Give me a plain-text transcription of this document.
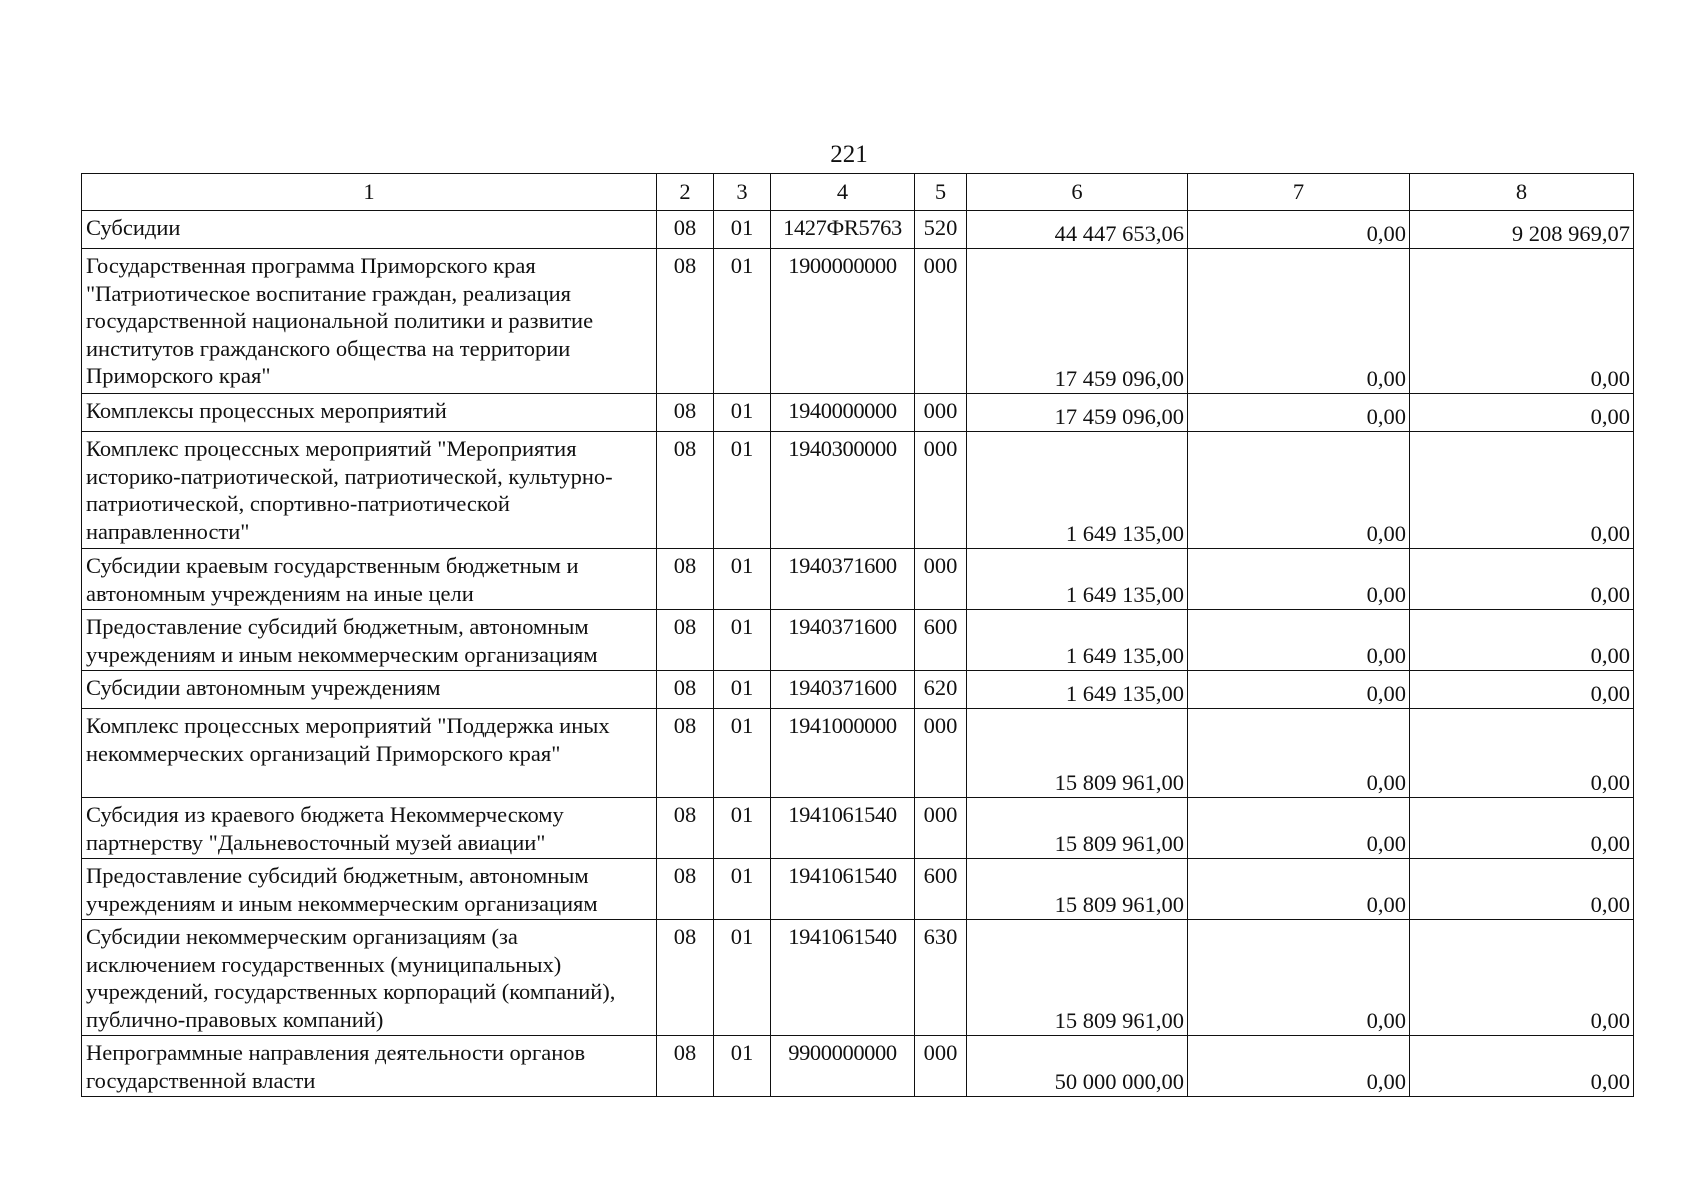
221
1	2	3	4	5	6	7	8
Субсидии	08	01	1427ФR5763	520	44 447 653,06	0,00	9 208 969,07
Государственная программа Приморского края "Патриотическое воспитание граждан, реализация государственной национальной политики и развитие институтов гражданского общества на территории Приморского края"	08	01	1900000000	000	17 459 096,00	0,00	0,00
Комплексы процессных мероприятий	08	01	1940000000	000	17 459 096,00	0,00	0,00
Комплекс процессных мероприятий "Мероприятия историко-патриотической, патриотической, культурно-патриотической, спортивно-патриотической направленности"	08	01	1940300000	000	1 649 135,00	0,00	0,00
Субсидии краевым государственным бюджетным и автономным учреждениям на иные цели	08	01	1940371600	000	1 649 135,00	0,00	0,00
Предоставление субсидий бюджетным, автономным учреждениям и иным некоммерческим организациям	08	01	1940371600	600	1 649 135,00	0,00	0,00
Субсидии автономным учреждениям	08	01	1940371600	620	1 649 135,00	0,00	0,00
Комплекс процессных мероприятий "Поддержка иных некоммерческих организаций Приморского края"	08	01	1941000000	000	15 809 961,00	0,00	0,00
Субсидия из краевого бюджета Некоммерческому партнерству "Дальневосточный музей авиации"	08	01	1941061540	000	15 809 961,00	0,00	0,00
Предоставление субсидий бюджетным, автономным учреждениям и иным некоммерческим организациям	08	01	1941061540	600	15 809 961,00	0,00	0,00
Субсидии некоммерческим организациям (за исключением государственных (муниципальных) учреждений, государственных корпораций (компаний), публично-правовых компаний)	08	01	1941061540	630	15 809 961,00	0,00	0,00
Непрограммные направления деятельности органов государственной власти	08	01	9900000000	000	50 000 000,00	0,00	0,00
